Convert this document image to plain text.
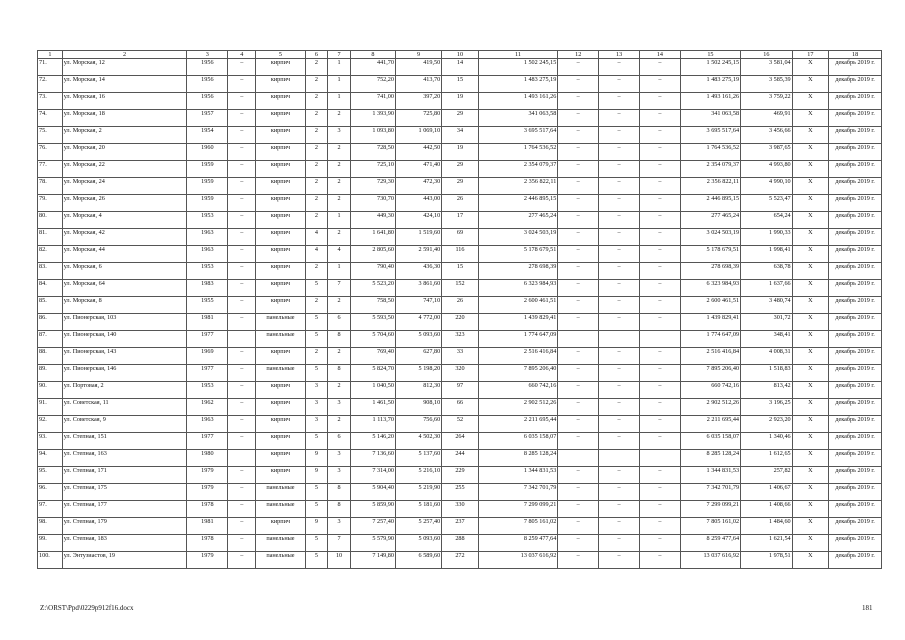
1	2	3	4	5	6	7	8	9	10	11	12	13	14	15	16	17	18
71.	ул. Морская, 12	1956	–	кирпич	2	1	441,70	419,50	14	1 502 245,15	–	–	–	1 502 245,15	3 581,04	Х	декабрь 2019 г.
72.	ул. Морская, 14	1956	–	кирпич	2	1	752,20	413,70	15	1 483 275,19	–	–	–	1 483 275,19	3 585,39	Х	декабрь 2019 г.
73.	ул. Морская, 16	1956	–	кирпич	2	1	741,00	397,20	19	1 493 161,26	–	–	–	1 493 161,26	3 759,22	Х	декабрь 2019 г.
74.	ул. Морская, 18	1957	–	кирпич	2	2	1 393,90	725,80	29	341 063,58	–	–	–	341 063,58	469,91	Х	декабрь 2019 г.
75.	ул. Морская, 2	1954	–	кирпич	2	3	1 093,80	1 069,10	34	3 695 517,64	–	–	–	3 695 517,64	3 456,66	Х	декабрь 2019 г.
76.	ул. Морская, 20	1960	–	кирпич	2	2	728,50	442,50	19	1 764 536,52	–	–	–	1 764 536,52	3 987,65	Х	декабрь 2019 г.
77.	ул. Морская, 22	1959	–	кирпич	2	2	725,10	471,40	29	2 354 079,37	–	–	–	2 354 079,37	4 993,80	Х	декабрь 2019 г.
78.	ул. Морская, 24	1959	–	кирпич	2	2	729,30	472,30	29	2 356 822,11	–	–	–	2 356 822,11	4 990,10	Х	декабрь 2019 г.
79.	ул. Морская, 26	1959	–	кирпич	2	2	730,70	443,00	26	2 446 895,15	–	–	–	2 446 895,15	5 523,47	Х	декабрь 2019 г.
80.	ул. Морская, 4	1953	–	кирпич	2	1	449,30	424,10	17	277 465,24	–	–	–	277 465,24	654,24	Х	декабрь 2019 г.
81.	ул. Морская, 42	1963	–	кирпич	4	2	1 641,80	1 519,60	69	3 024 503,19	–	–	–	3 024 503,19	1 990,33	Х	декабрь 2019 г.
82.	ул. Морская, 44	1963	–	кирпич	4	4	2 805,60	2 591,40	116	5 178 679,51	–	–	–	5 178 679,51	1 998,41	Х	декабрь 2019 г.
83.	ул. Морская, 6	1953	–	кирпич	2	1	790,40	436,30	15	278 698,39	–	–	–	278 698,39	638,78	Х	декабрь 2019 г.
84.	ул. Морская, 64	1983	–	кирпич	5	7	5 523,20	3 861,60	152	6 323 984,93	–	–	–	6 323 984,93	1 637,66	Х	декабрь 2019 г.
85.	ул. Морская, 8	1955	–	кирпич	2	2	758,50	747,10	26	2 600 461,51	–	–	–	2 600 461,51	3 480,74	Х	декабрь 2019 г.
86.	ул. Пионерская, 103	1981	–	панельные	5	6	5 593,50	4 772,00	220	1 439 829,41	–	–	–	1 439 829,41	301,72	Х	декабрь 2019 г.
87.	ул. Пионерская, 140	1977		панельные	5	8	5 704,60	5 093,60	323	1 774 647,09				1 774 647,09	348,41	Х	декабрь 2019 г.
88.	ул. Пионерская, 143	1969	–	кирпич	2	2	769,40	627,80	33	2 516 416,84	–	–	–	2 516 416,84	4 008,31	Х	декабрь 2019 г.
89.	ул. Пионерская, 146	1977	–	панельные	5	8	5 824,70	5 198,20	320	7 895 206,40	–	–	–	7 895 206,40	1 518,83	Х	декабрь 2019 г.
90.	ул. Портовая, 2	1953	–	кирпич	3	2	1 040,50	812,30	97	660 742,16	–	–	–	660 742,16	813,42	Х	декабрь 2019 г.
91.	ул. Советская, 11	1962	–	кирпич	3	3	1 461,50	908,10	66	2 902 512,26	–	–	–	2 902 512,26	3 196,25	Х	декабрь 2019 г.
92.	ул. Советская, 9	1963	–	кирпич	3	2	1 113,70	756,60	52	2 211 695,44	–	–	–	2 211 695,44	2 923,20	Х	декабрь 2019 г.
93.	ул. Степная, 151	1977	–	кирпич	5	6	5 146,20	4 502,30	264	6 035 158,07	–	–	–	6 035 158,07	1 340,46	Х	декабрь 2019 г.
94.	ул. Степная, 163	1980		кирпич	9	3	7 136,60	5 137,60	244	8 285 128,24				8 285 128,24	1 612,65	Х	декабрь 2019 г.
95.	ул. Степная, 171	1979	–	кирпич	9	3	7 314,00	5 216,10	229	1 344 831,53	–	–	–	1 344 831,53	257,82	Х	декабрь 2019 г.
96.	ул. Степная, 175	1979	–	панельные	5	8	5 904,40	5 219,90	255	7 342 701,79	–	–	–	7 342 701,79	1 406,67	Х	декабрь 2019 г.
97.	ул. Степная, 177	1978	–	панельные	5	8	5 859,90	5 181,60	330	7 299 099,21	–	–	–	7 299 099,21	1 408,66	Х	декабрь 2019 г.
98.	ул. Степная, 179	1981	–	кирпич	9	3	7 257,40	5 257,40	237	7 805 161,02	–	–	–	7 805 161,02	1 484,60	Х	декабрь 2019 г.
99.	ул. Степная, 183	1978	–	панельные	5	7	5 579,90	5 093,60	288	8 259 477,64	–	–	–	8 259 477,64	1 621,54	Х	декабрь 2019 г.
100.	ул. Энтузиастов, 19	1979	–	панельные	5	10	7 149,80	6 589,60	272	13 037 616,92	–	–	–	13 037 616,92	1 978,51	Х	декабрь 2019 г.
Z:\ORST\Ppd\0229p912f16.docx	181
